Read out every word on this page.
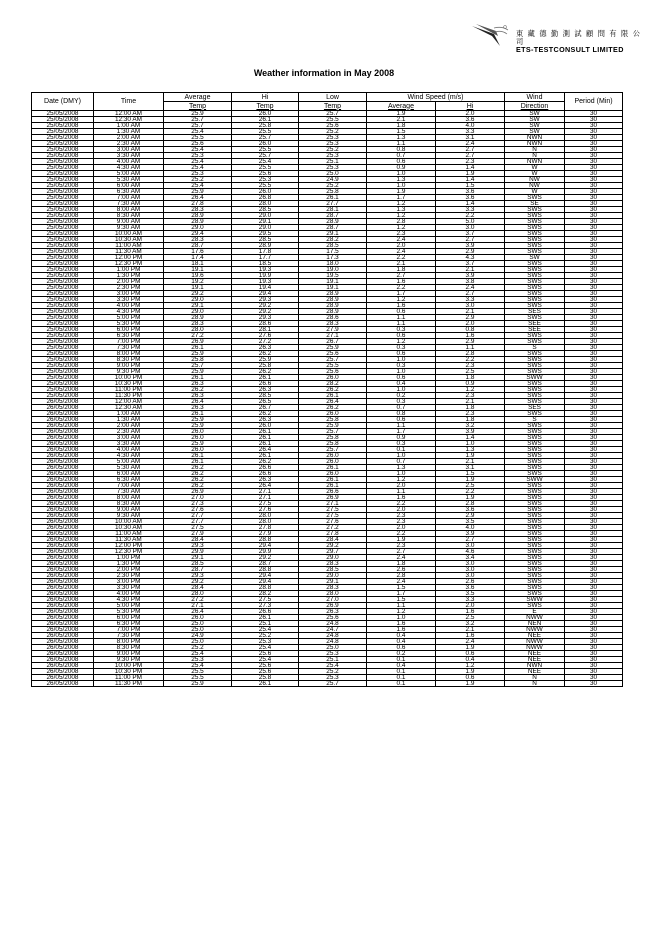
東 藏 德 勤 測 試 顧 問 有 限 公 司
ETS-TESTCONSULT LIMITED
Weather information in May 2008
Date (DMY)	Time	Average	Hi	Low	Wind Speed (m/s)		Wind	Period (Min)
		Temp	Temp	Temp	Average	Hi	Direction	
25/05/2008	12:00 AM	25.9	26.0	25.7	1.9	2.0	SW	30
25/05/2008	12:30 AM	25.7	26.1	25.5	2.1	3.6	SW	30
25/05/2008	1:00 AM	25.7	25.8	25.6	1.8	4.0	SW	30
25/05/2008	1:30 AM	25.4	25.5	25.2	1.5	3.3	SW	30
25/05/2008	2:00 AM	25.5	25.7	25.3	1.3	3.1	NWN	30
25/05/2008	2:30 AM	25.6	26.0	25.3	1.1	2.4	NWN	30
25/05/2008	3:00 AM	25.4	25.5	25.2	0.8	2.7	N	30
25/05/2008	3:30 AM	25.3	25.7	25.3	0.7	2.7	N	30
25/05/2008	4:00 AM	25.4	25.4	25.1	0.6	2.3	NWN	30
25/05/2008	4:30 AM	25.4	25.5	25.3	0.9	1.4	W	30
25/05/2008	5:00 AM	25.3	25.6	25.0	1.0	1.9	W	30
25/05/2008	5:30 AM	25.2	25.3	24.9	1.3	1.4	NW	30
25/05/2008	6:00 AM	25.4	25.5	25.2	1.0	1.5	NW	30
25/05/2008	6:30 AM	25.9	26.0	25.8	1.9	3.6	W	30
25/05/2008	7:00 AM	26.4	26.8	26.1	1.7	3.6	SWS	30
25/05/2008	7:30 AM	27.8	28.0	27.7	1.2	1.4	SE	30
25/05/2008	8:00 AM	28.3	28.5	28.1	1.3	3.3	SWS	30
25/05/2008	8:30 AM	28.9	29.0	28.7	1.2	2.2	SWS	30
25/05/2008	9:00 AM	28.9	29.1	28.9	2.8	5.0	SWS	30
25/05/2008	9:30 AM	29.0	29.0	28.7	1.2	3.0	SWS	30
25/05/2008	10:00 AM	29.4	29.5	29.1	2.3	3.7	SWS	30
25/05/2008	10:30 AM	28.3	28.5	28.2	2.4	2.7	SWS	30
25/05/2008	11:00 AM	28.7	28.9	28.5	2.0	3.9	SWS	30
25/05/2008	11:30 AM	17.6	17.8	17.5	2.4	2.9	SWS	30
25/05/2008	12:00 PM	17.4	17.7	17.3	2.2	4.3	SW	30
25/05/2008	12:30 PM	18.1	18.5	18.0	2.1	3.7	SWS	30
25/05/2008	1:00 PM	19.1	19.3	19.0	1.8	2.1	SWS	30
25/05/2008	1:30 PM	19.6	19.9	19.5	2.7	3.9	SWS	30
25/05/2008	2:00 PM	19.2	19.3	19.1	1.6	3.8	SWS	30
25/05/2008	2:30 PM	19.1	19.4	19.1	2.2	2.4	SWS	30
25/05/2008	3:00 PM	29.2	29.4	28.9	1.7	2.7	SWS	30
25/05/2008	3:30 PM	29.0	29.3	28.9	1.2	3.3	SWS	30
25/05/2008	4:00 PM	29.1	29.2	28.9	1.6	3.0	SWS	30
25/05/2008	4:30 PM	29.0	29.2	28.9	0.6	2.1	SES	30
25/05/2008	5:00 PM	28.9	29.3	28.6	1.1	2.9	SWS	30
25/05/2008	5:30 PM	28.3	28.6	28.3	1.1	2.0	SEE	30
25/05/2008	6:00 PM	28.0	28.1	27.9	0.3	0.8	SEE	30
25/05/2008	6:30 PM	27.2	27.6	27.1	0.6	1.6	SWS	30
25/05/2008	7:00 PM	26.9	27.2	26.7	1.2	2.9	SWS	30
25/05/2008	7:30 PM	26.1	26.3	25.9	0.3	1.1	S	30
25/05/2008	8:00 PM	25.9	26.2	25.6	0.6	2.8	SWS	30
25/05/2008	8:30 PM	25.8	25.9	25.7	1.0	2.2	SWS	30
25/05/2008	9:00 PM	25.7	25.8	25.5	0.3	2.3	SWS	30
25/05/2008	9:30 PM	25.9	26.2	25.6	1.0	2.5	SWS	30
25/05/2008	10:00 PM	26.1	26.1	26.0	0.6	1.8	SWW	30
25/05/2008	10:30 PM	26.3	26.6	28.2	0.4	0.9	SWS	30
25/05/2008	11:00 PM	26.2	26.3	26.2	1.0	1.2	SWS	30
25/05/2008	11:30 PM	26.3	28.5	26.1	0.2	2.3	SWS	30
26/05/2008	12:00 AM	26.4	26.5	26.4	0.3	2.1	SWS	30
26/05/2008	12:30 AM	26.3	26.7	26.2	0.7	1.8	SES	30
26/05/2008	1:00 AM	26.1	26.2	26.0	0.8	2.3	SWS	30
26/05/2008	1:30 AM	25.9	26.3	25.8	0.6	1.8	S	30
26/05/2008	2:00 AM	25.9	26.0	25.9	1.1	3.2	SWS	30
26/05/2008	2:30 AM	26.0	26.1	25.7	1.7	3.9	SWS	30
26/05/2008	3:00 AM	26.0	26.1	25.8	0.9	1.4	SWS	30
26/05/2008	3:30 AM	25.9	26.1	25.8	0.3	1.0	SWS	30
26/05/2008	4:00 AM	26.0	26.4	25.7	0.1	1.3	SWS	30
26/05/2008	4:30 AM	26.1	26.1	26.0	1.0	1.9	SWS	30
26/05/2008	5:00 AM	26.1	26.2	26.0	0.7	2.1	SWS	30
26/05/2008	5:30 AM	26.2	26.6	26.1	1.3	3.1	SWS	30
26/05/2008	6:00 AM	26.2	26.6	26.0	1.0	1.5	SWS	30
26/05/2008	6:30 AM	26.2	26.3	26.1	1.2	1.9	SWW	30
26/05/2008	7:00 AM	26.2	26.4	26.1	2.0	2.5	SWS	30
26/05/2008	7:30 AM	26.9	27.1	26.6	1.1	2.2	SWS	30
26/05/2008	8:00 AM	27.0	27.1	26.9	1.6	1.9	SWS	30
26/05/2008	8:30 AM	27.3	27.5	27.1	2.2	2.8	SWS	30
26/05/2008	9:00 AM	27.6	27.6	27.5	2.0	3.6	SWS	30
26/05/2008	9:30 AM	27.7	28.0	27.5	2.3	2.9	SWS	30
26/05/2008	10:00 AM	27.7	28.0	27.6	2.3	3.5	SWS	30
26/05/2008	10:30 AM	27.5	27.8	27.2	2.0	4.0	SWS	30
26/05/2008	11:00 AM	27.9	27.9	27.8	2.2	3.9	SWS	30
26/05/2008	11:30 AM	28.4	28.8	28.4	1.9	2.7	SWS	30
26/05/2008	12:00 PM	29.3	29.4	29.2	2.3	3.0	SWS	30
26/05/2008	12:30 PM	29.9	29.9	29.7	2.7	4.6	SWS	30
26/05/2008	1:00 PM	29.1	29.2	29.0	2.4	3.4	SWS	30
26/05/2008	1:30 PM	28.5	28.7	28.3	1.8	3.0	SWS	30
26/05/2008	2:00 PM	28.7	28.8	28.5	2.6	3.0	SWS	30
26/05/2008	2:30 PM	29.3	29.4	29.0	2.8	3.0	SWS	30
26/05/2008	3:00 PM	29.2	29.4	29.1	2.4	2.6	SWS	30
26/05/2008	3:30 PM	28.4	28.8	28.3	1.5	3.6	SWS	30
26/05/2008	4:00 PM	28.0	28.2	28.0	1.7	3.5	SWS	30
26/05/2008	4:30 PM	27.2	27.5	27.0	1.5	3.3	SWW	30
26/05/2008	5:00 PM	27.1	27.3	26.9	1.1	2.0	SWS	30
26/05/2008	5:30 PM	26.4	26.6	26.3	1.2	1.6	E	30
26/05/2008	6:00 PM	26.0	26.1	25.6	1.0	2.5	NWW	30
26/05/2008	6:30 PM	25.0	25.1	24.8	1.6	3.2	NEN	30
26/05/2008	7:00 PM	25.0	25.4	24.7	1.6	2.1	NWW	30
26/05/2008	7:30 PM	24.9	25.2	24.8	0.4	1.6	NEE	30
26/05/2008	8:00 PM	25.0	25.3	24.8	0.4	2.4	NWW	30
26/05/2008	8:30 PM	25.2	25.4	25.0	0.6	1.9	NWW	30
26/05/2008	9:00 PM	25.4	25.6	25.3	0.2	0.6	NEE	30
26/05/2008	9:30 PM	25.3	25.4	25.1	0.1	0.4	NEE	30
26/05/2008	10:00 PM	25.4	25.6	25.4	0.4	1.2	NWN	30
26/05/2008	10:30 PM	25.5	25.6	25.2	0.1	1.9	NEE	30
26/05/2008	11:00 PM	25.5	25.8	25.3	0.1	0.6	N	30
26/05/2008	11:30 PM	25.9	26.1	25.7	0.1	1.9	N	30
